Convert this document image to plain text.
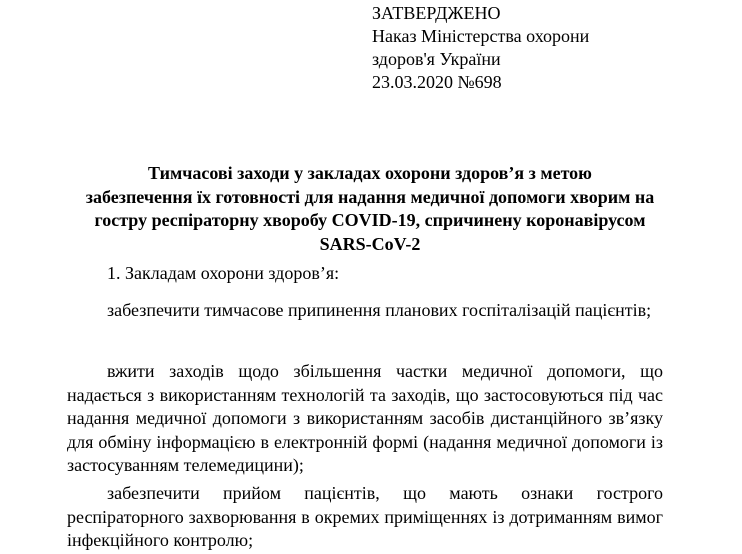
ЗАТВЕРДЖЕНО
Наказ Міністерства охорони
здоров'я України
23.03.2020 №698
Тимчасові заходи у закладах охорони здоров’я з метою
забезпечення їх готовності для надання медичної допомоги хворим на
гостру респіраторну хворобу COVID-19, спричинену коронавірусом
SARS-CoV-2
1. Закладам охорони здоров’я:
забезпечити тимчасове припинення планових госпіталізацій пацієнтів;
вжити заходів щодо збільшення частки медичної допомоги, що надається з використанням технологій та заходів, що застосовуються під час надання медичної допомоги з використанням засобів дистанційного зв’язку для обміну інформацією в електронній формі (надання медичної допомоги із застосуванням телемедицини);
забезпечити прийом пацієнтів, що мають ознаки гострого респіраторного захворювання в окремих приміщеннях із дотриманням вимог інфекційного контролю;
